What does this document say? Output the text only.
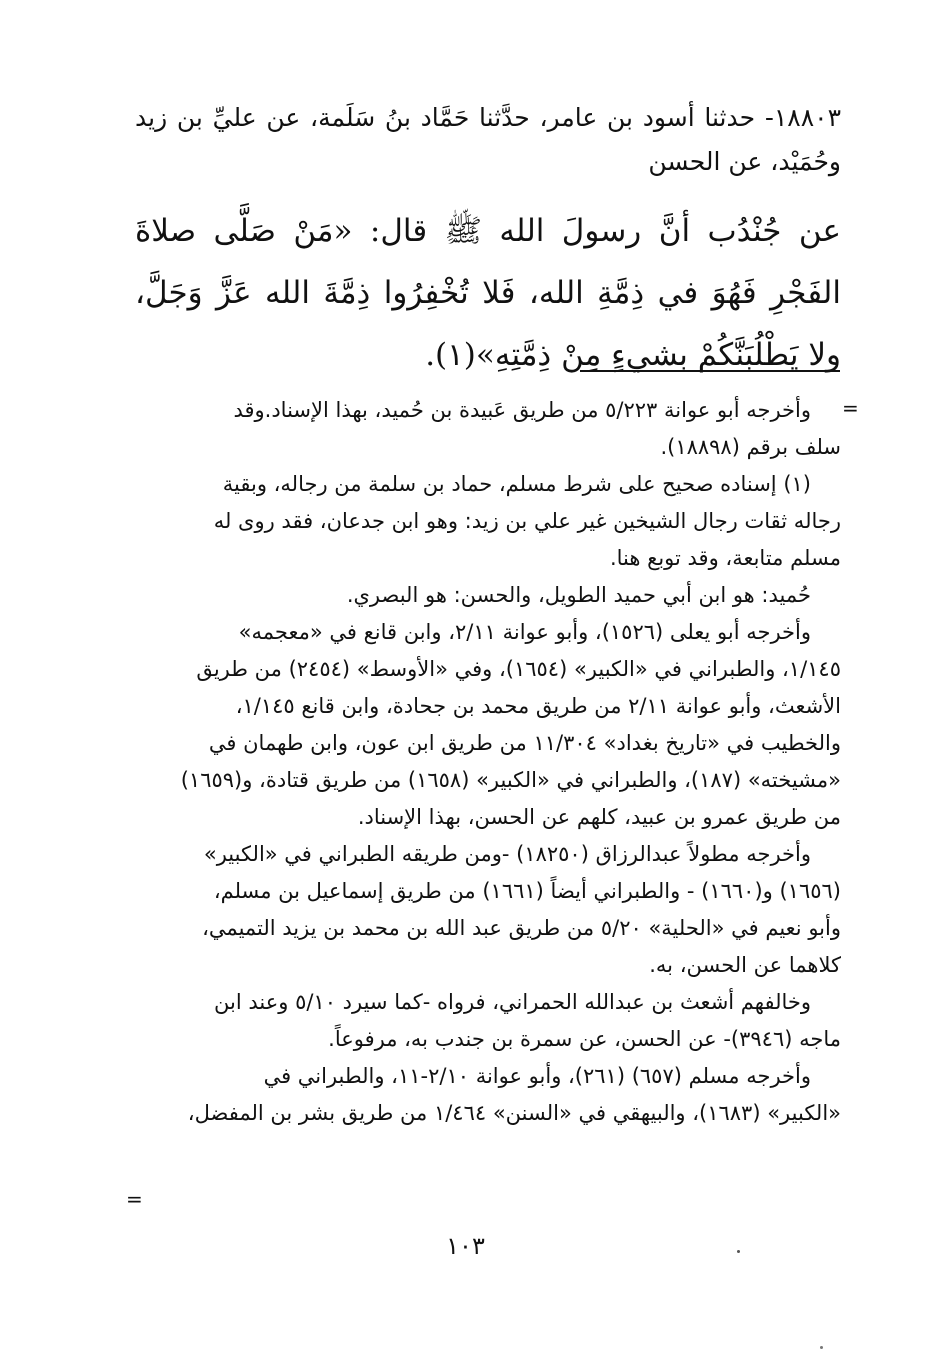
١٨٨٠٣- حدثنا أسود بن عامر، حدَّثنا حَمَّاد بنُ سَلَمة، عن عليِّ بن زيد وحُمَيْد، عن الحسن

عن جُنْدُب أنَّ رسولَ الله ﷺ قال: «مَنْ صَلَّى صلاةَ الفَجْرِ فَهُوَ في ذِمَّةِ الله، فَلا تُخْفِرُوا ذِمَّةَ الله عَزَّ وَجَلَّ، ولا يَطْلُبَنَّكُمْ بشيءٍ مِنْ ذِمَّتِهِ»(١).

=
وأخرجه أبو عوانة ٥/٢٢٣ من طريق عَبيدة بن حُميد، بهذا الإسناد.وقد
سلف برقم (١٨٨٩٨).
(١) إسناده صحيح على شرط مسلم، حماد بن سلمة من رجاله، وبقية
رجاله ثقات رجال الشيخين غير علي بن زيد: وهو ابن جدعان، فقد روى له
مسلم متابعة، وقد توبع هنا.
حُميد: هو ابن أبي حميد الطويل، والحسن: هو البصري.
وأخرجه أبو يعلى (١٥٢٦)، وأبو عوانة ٢/١١، وابن قانع في «معجمه»
١/١٤٥، والطبراني في «الكبير» (١٦٥٤)، وفي «الأوسط» (٢٤٥٤) من طريق
الأشعث، وأبو عوانة ٢/١١ من طريق محمد بن جحادة، وابن قانع ١/١٤٥،
والخطيب في «تاريخ بغداد» ١١/٣٠٤ من طريق ابن عون، وابن طهمان في
«مشيخته» (١٨٧)، والطبراني في «الكبير» (١٦٥٨) من طريق قتادة، و(١٦٥٩)
من طريق عمرو بن عبيد، كلهم عن الحسن، بهذا الإسناد.
وأخرجه مطولاً عبدالرزاق (١٨٢٥٠) -ومن طريقه الطبراني في «الكبير»
(١٦٥٦) و(١٦٦٠) - والطبراني أيضاً (١٦٦١) من طريق إسماعيل بن مسلم،
وأبو نعيم في «الحلية» ٥/٢٠ من طريق عبد الله بن محمد بن يزيد التميمي،
كلاهما عن الحسن، به.
وخالفهم أشعث بن عبدالله الحمراني، فرواه -كما سيرد ٥/١٠ وعند ابن
ماجه (٣٩٤٦)- عن الحسن، عن سمرة بن جندب به، مرفوعاً.
وأخرجه مسلم (٦٥٧) (٢٦١)، وأبو عوانة ٢/١٠-١١، والطبراني في
«الكبير» (١٦٨٣)، والبيهقي في «السنن» ١/٤٦٤ من طريق بشر بن المفضل،
=
١٠٣
